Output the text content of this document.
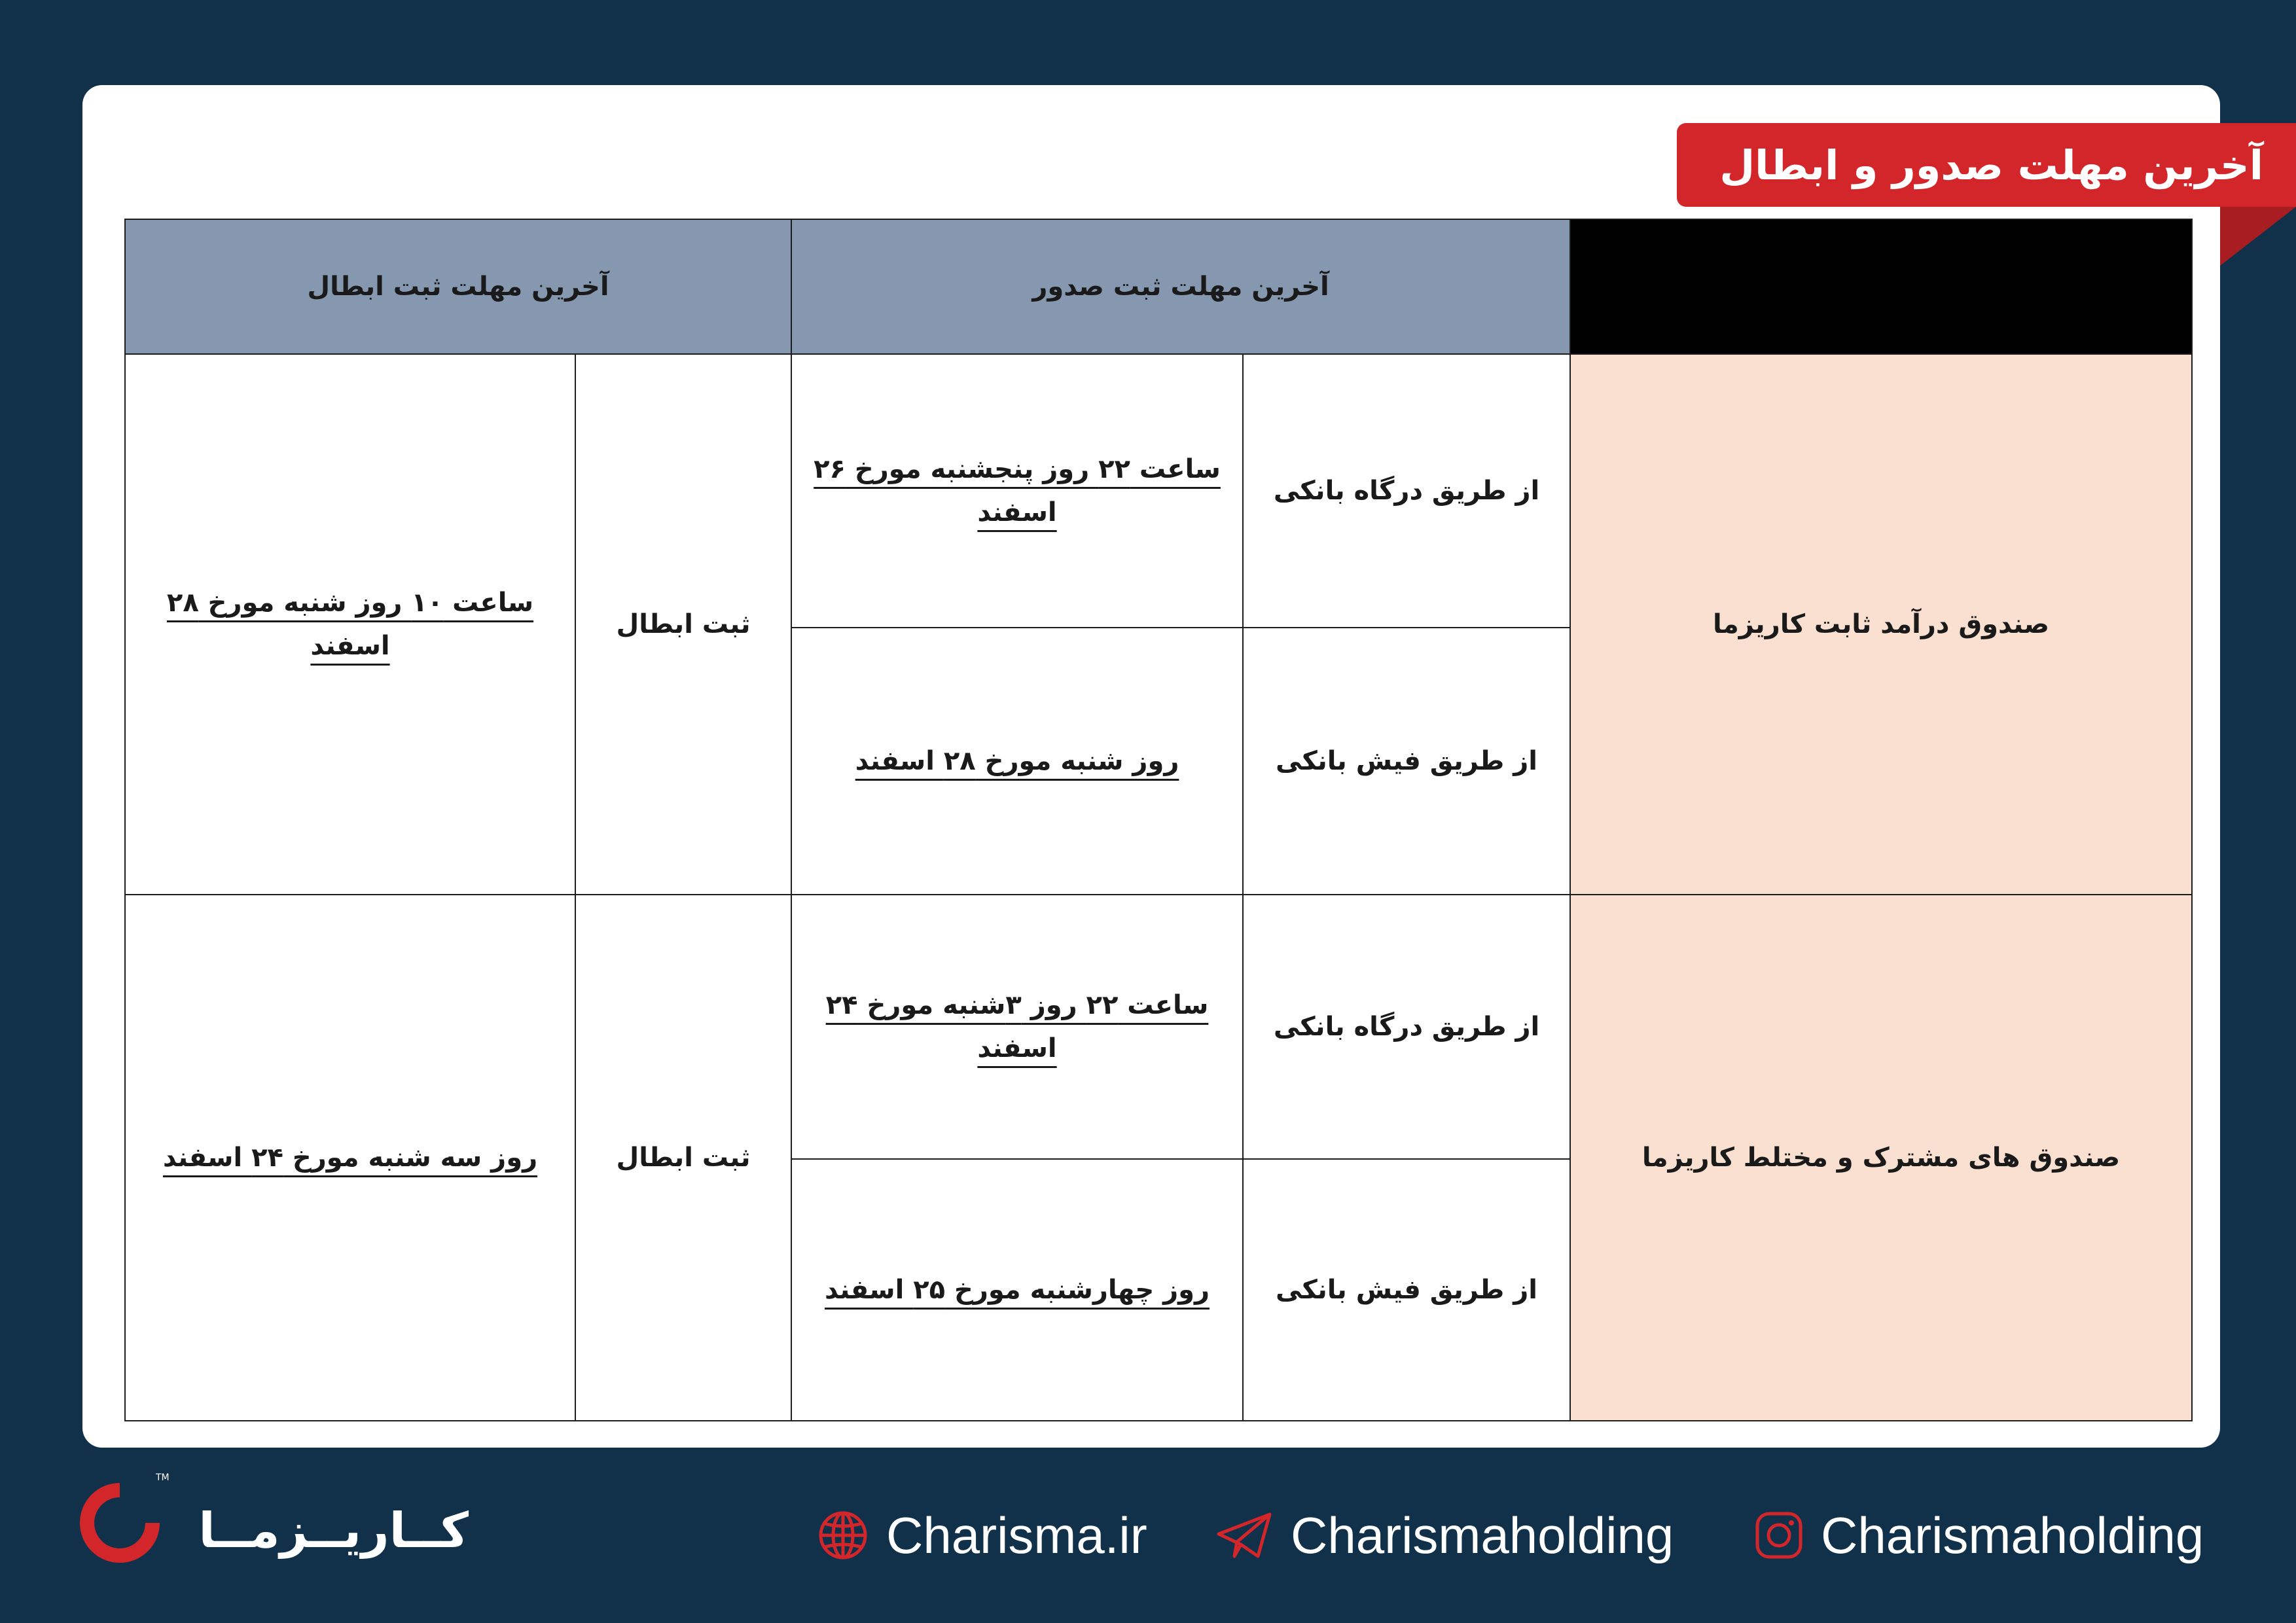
آخرین مهلت صدور و ابطال
	آخرین مهلت ثبت صدور		آخرین مهلت ثبت ابطال	
صندوق درآمد ثابت کاریزما	از طریق درگاه بانکی	ساعت ۲۲ روز پنجشنبه مورخ ۲۶ اسفند	ثبت ابطال	ساعت ۱۰ روز شنبه مورخ ۲۸ اسفند
	از طریق فیش بانکی	روز شنبه مورخ ۲۸ اسفند		
صندوق های مشترک و مختلط کاریزما	از طریق درگاه بانکی	ساعت ۲۲ روز ۳شنبه مورخ ۲۴ اسفند	ثبت ابطال	روز سه شنبه مورخ ۲۴ اسفند
	از طریق فیش بانکی	روز چهارشنبه مورخ ۲۵ اسفند		
TM
کــاریــزمــا	Charisma.ir	Charismaholding	Charismaholding
